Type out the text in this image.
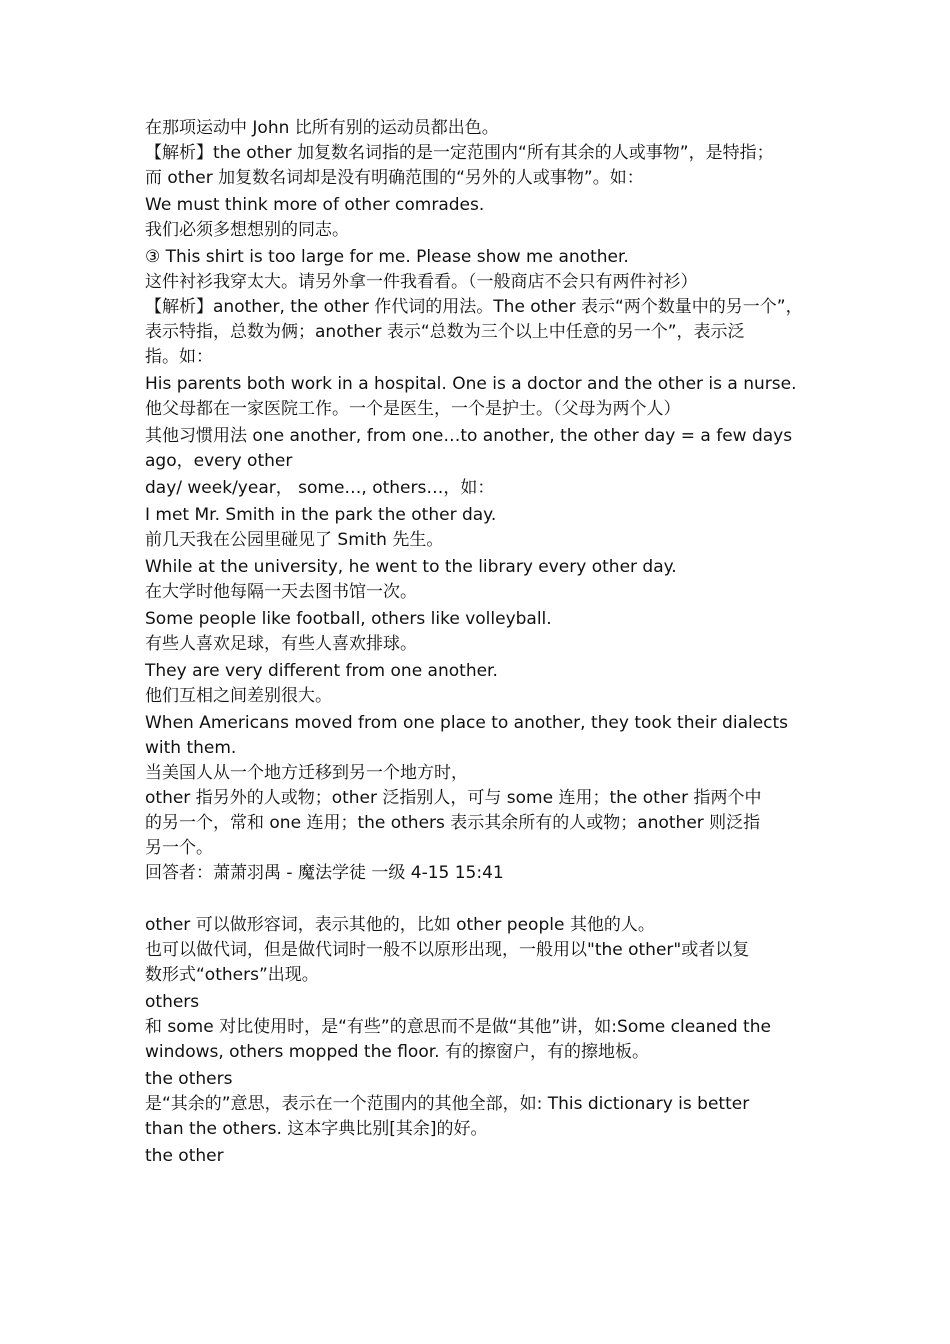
在那项运动中 John 比所有别的运动员都出色。
【解析】the other 加复数名词指的是一定范围内“所有其余的人或事物”，是特指；
而 other 加复数名词却是没有明确范围的“另外的人或事物”。如：
We must think more of other comrades.
我们必须多想想别的同志。
③ This shirt is too large for me. Please show me another.
这件衬衫我穿太大。请另外拿一件我看看。（一般商店不会只有两件衬衫）
【解析】another, the other 作代词的用法。The other 表示“两个数量中的另一个”，
表示特指，总数为俩；another 表示“总数为三个以上中任意的另一个”，表示泛
指。如：
His parents both work in a hospital. One is a doctor and the other is a nurse.
他父母都在一家医院工作。一个是医生，一个是护士。（父母为两个人）
其他习惯用法 one another, from one…to another, the other day = a few days
ago，every other
day/ week/year， some…, others…，如：
I met Mr. Smith in the park the other day.
前几天我在公园里碰见了 Smith 先生。
While at the university, he went to the library every other day.
在大学时他每隔一天去图书馆一次。
Some people like football, others like volleyball.
有些人喜欢足球，有些人喜欢排球。
They are very different from one another.
他们互相之间差别很大。
When Americans moved from one place to another, they took their dialects
with them.
当美国人从一个地方迁移到另一个地方时，
other 指另外的人或物；other 泛指别人，可与 some 连用；the other 指两个中
的另一个，常和 one 连用；the others 表示其余所有的人或物；another 则泛指
另一个。
回答者：萧萧羽禺 - 魔法学徒 一级 4-15 15:41
other 可以做形容词，表示其他的，比如 other people 其他的人。
也可以做代词，但是做代词时一般不以原形出现，一般用以"the other"或者以复
数形式“others”出现。
others
和 some 对比使用时，是“有些”的意思而不是做“其他”讲，如:Some cleaned the
windows, others mopped the floor. 有的擦窗户，有的擦地板。
the others
是“其余的”意思，表示在一个范围内的其他全部，如: This dictionary is better
than the others. 这本字典比别[其余]的好。
the other
